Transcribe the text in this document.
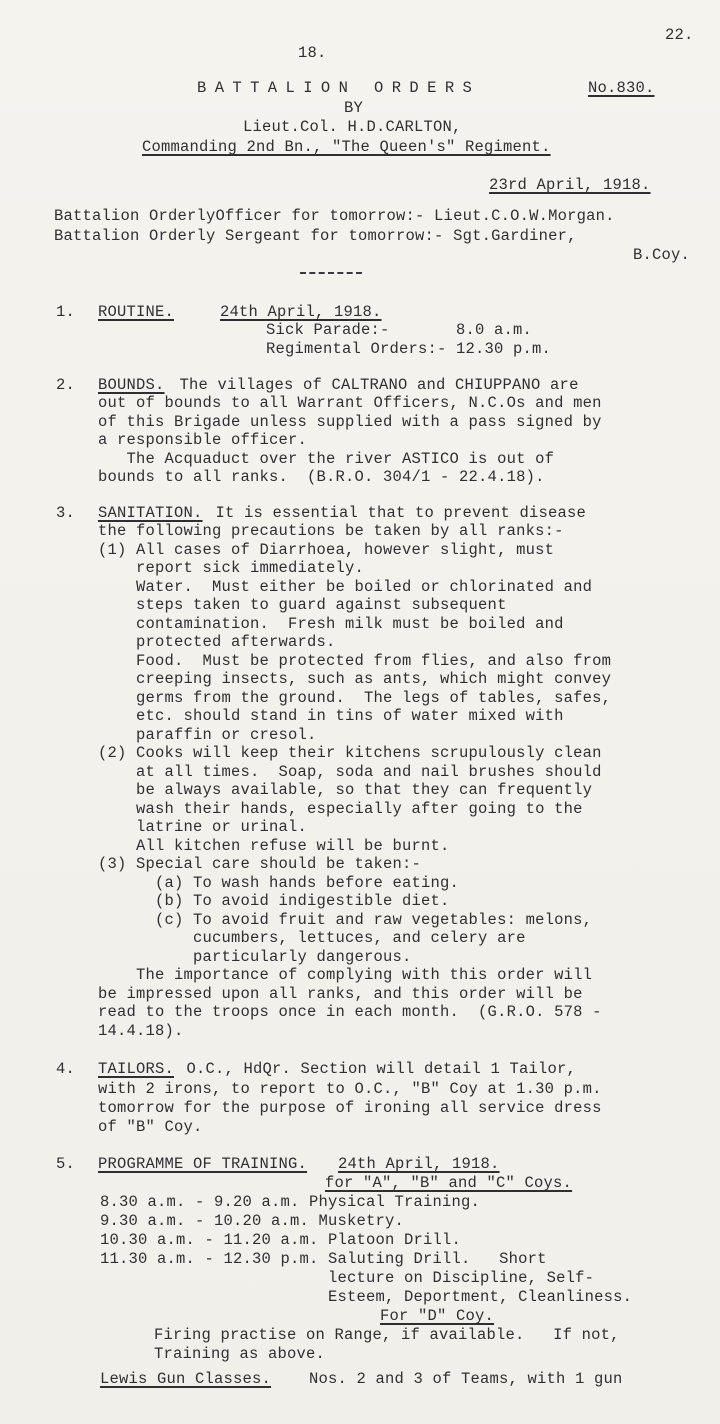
22.
18.
BATTALION ORDERS	No.830.
BY
Lieut.Col. H.D.CARLTON,
Commanding 2nd Bn., "The Queen's" Regiment.
23rd April, 1918.
Battalion OrderlyOfficer for tomorrow:- Lieut.C.O.W.Morgan.
Battalion Orderly Sergeant for tomorrow:- Sgt.Gardiner,
B.Coy.
1. ROUTINE.	24th April, 1918.
Sick Parade:-       8.0 a.m.
Regimental Orders:- 12.30 p.m.
2. BOUNDS. The villages of CALTRANO and CHIUPPANO are
out of bounds to all Warrant Officers, N.C.Os and men
of this Brigade unless supplied with a pass signed by
a responsible officer.
The Acquaduct over the river ASTICO is out of
bounds to all ranks.  (B.R.O. 304/1 - 22.4.18).
3. SANITATION. It is essential that to prevent disease
the following precautions be taken by all ranks:-
(1) All cases of Diarrhoea, however slight, must
report sick immediately.
Water.  Must either be boiled or chlorinated and
steps taken to guard against subsequent
contamination.  Fresh milk must be boiled and
protected afterwards.
Food.  Must be protected from flies, and also from
creeping insects, such as ants, which might convey
germs from the ground.  The legs of tables, safes,
etc. should stand in tins of water mixed with
paraffin or cresol.
(2) Cooks will keep their kitchens scrupulously clean
at all times.  Soap, soda and nail brushes should
be always available, so that they can frequently
wash their hands, especially after going to the
latrine or urinal.
All kitchen refuse will be burnt.
(3) Special care should be taken:-
(a) To wash hands before eating.
(b) To avoid indigestible diet.
(c) To avoid fruit and raw vegetables: melons,
cucumbers, lettuces, and celery are
particularly dangerous.
The importance of complying with this order will
be impressed upon all ranks, and this order will be
read to the troops once in each month.  (G.R.O. 578 -
14.4.18).
4. TAILORS. O.C., HdQr. Section will detail 1 Tailor,
with 2 irons, to report to O.C., "B" Coy at 1.30 p.m.
tomorrow for the purpose of ironing all service dress
of "B" Coy.
5. PROGRAMME OF TRAINING. 24th April, 1918.
for "A", "B" and "C" Coys.
8.30 a.m. - 9.20 a.m. Physical Training.
9.30 a.m. - 10.20 a.m. Musketry.
10.30 a.m. - 11.20 a.m. Platoon Drill.
11.30 a.m. - 12.30 p.m. Saluting Drill.   Short
lecture on Discipline, Self-
Esteem, Deportment, Cleanliness.
For "D" Coy.
Firing practise on Range, if available.   If not,
Training as above.
Lewis Gun Classes. Nos. 2 and 3 of Teams, with 1 gun
